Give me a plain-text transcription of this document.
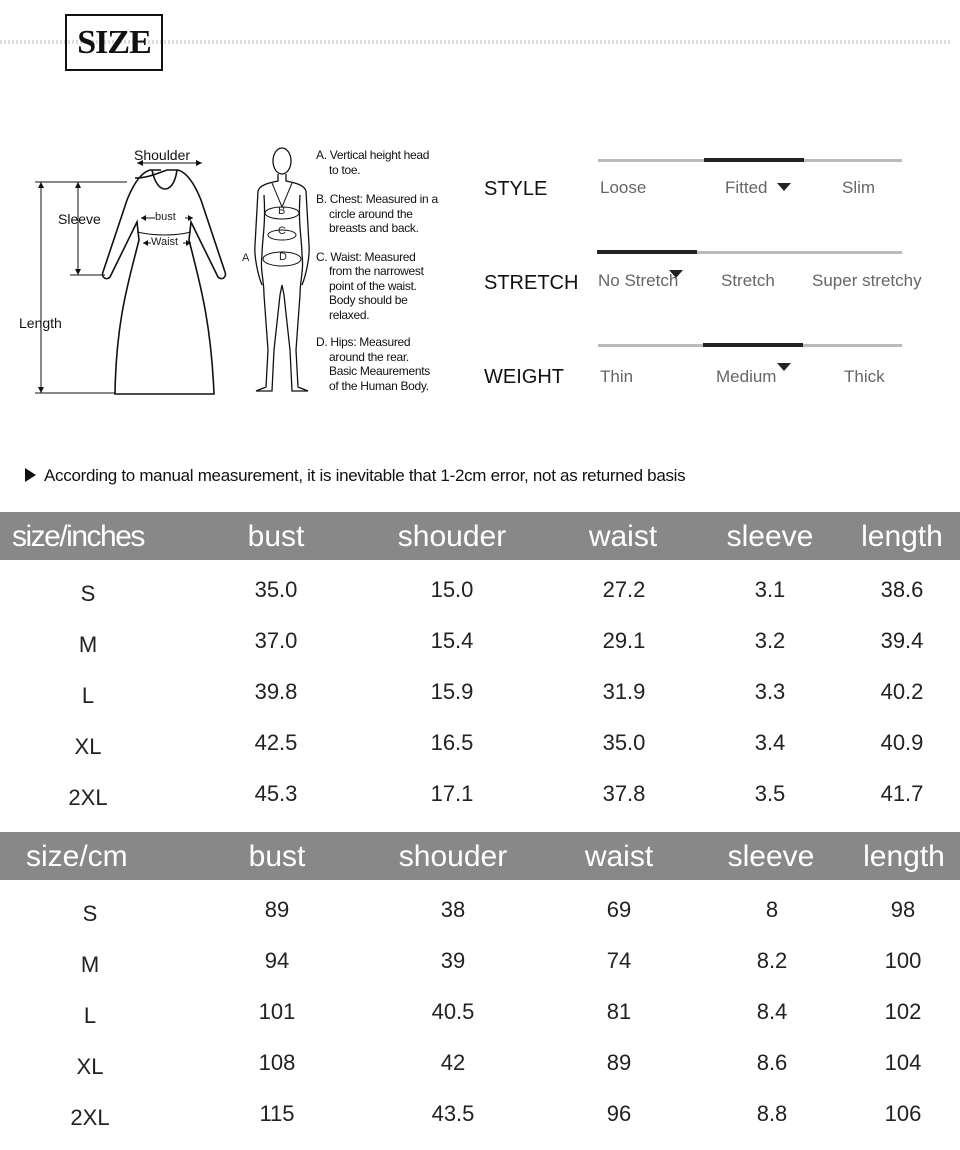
SIZE
Shoulder
Sleeve
Length
bust
Waist
B
C
D
A
A. Vertical height head
to toe.
B. Chest: Measured in a
circle around the
breasts and back.
C. Waist: Measured
from the narrowest
point of the waist.
Body should be
relaxed.
D. Hips: Measured
around the rear.
Basic Meaurements
of the Human Body.
STYLE	Loose	Fitted	Slim
STRETCH No Stretch	Stretch Super stretchy
WEIGHT Thin	Medium	Thick
According to manual measurement, it is inevitable that 1-2cm error, not as returned basis
size/inches	bust	shouder	waist	sleeve	length
S	35.0	15.0	27.2	3.1	38.6
M	37.0	15.4	29.1	3.2	39.4
L	39.8	15.9	31.9	3.3	40.2
XL	42.5	16.5	35.0	3.4	40.9
2XL	45.3	17.1	37.8	3.5	41.7
size/cm	bust	shouder	waist	sleeve	length
S	89	38	69	8	98
M	94	39	74	8.2	100
L	101	40.5	81	8.4	102
XL	108	42	89	8.6	104
2XL	115	43.5	96	8.8	106
